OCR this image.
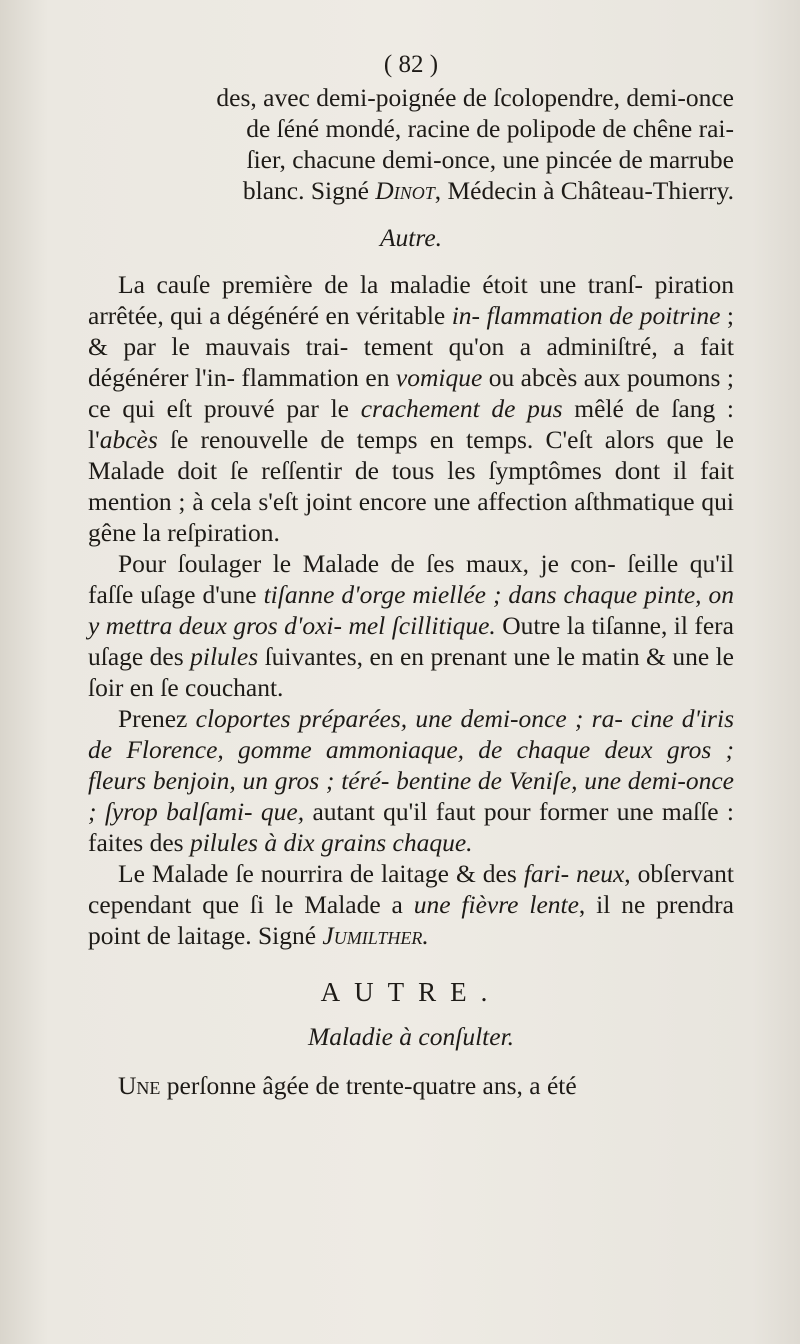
( 82 )

des, avec demi-poignée de ſcolopendre, demi-once
de ſéné mondé, racine de polipode de chêne rai-
ſier, chacune demi-once, une pincée de marrube
blanc. Signé Dinot, Médecin à Château-Thierry.

Autre.

La cauſe première de la maladie étoit une tranſ- piration arrêtée, qui a dégénéré en véritable in- flammation de poitrine ; & par le mauvais trai- tement qu'on a adminiſtré, a fait dégénérer l'in- flammation en vomique ou abcès aux poumons ; ce qui eſt prouvé par le crachement de pus mêlé de ſang : l'abcès ſe renouvelle de temps en temps. C'eſt alors que le Malade doit ſe reſſentir de tous les ſymptômes dont il fait mention ; à cela s'eſt joint encore une affection aſthmatique qui gêne la reſpiration.

Pour ſoulager le Malade de ſes maux, je con- ſeille qu'il faſſe uſage d'une tiſanne d'orge miellée ; dans chaque pinte, on y mettra deux gros d'oxi- mel ſcillitique. Outre la tiſanne, il fera uſage des pilules ſuivantes, en en prenant une le matin & une le ſoir en ſe couchant.

Prenez cloportes préparées, une demi-once ; ra- cine d'iris de Florence, gomme ammoniaque, de chaque deux gros ; fleurs benjoin, un gros ; téré- bentine de Veniſe, une demi-once ; ſyrop balſami- que, autant qu'il faut pour former une maſſe : faites des pilules à dix grains chaque.

Le Malade ſe nourrira de laitage & des fari- neux, obſervant cependant que ſi le Malade a une fièvre lente, il ne prendra point de laitage. Signé Jumilther.

AUTRE.
Maladie à conſulter.

Une perſonne âgée de trente-quatre ans, a été
